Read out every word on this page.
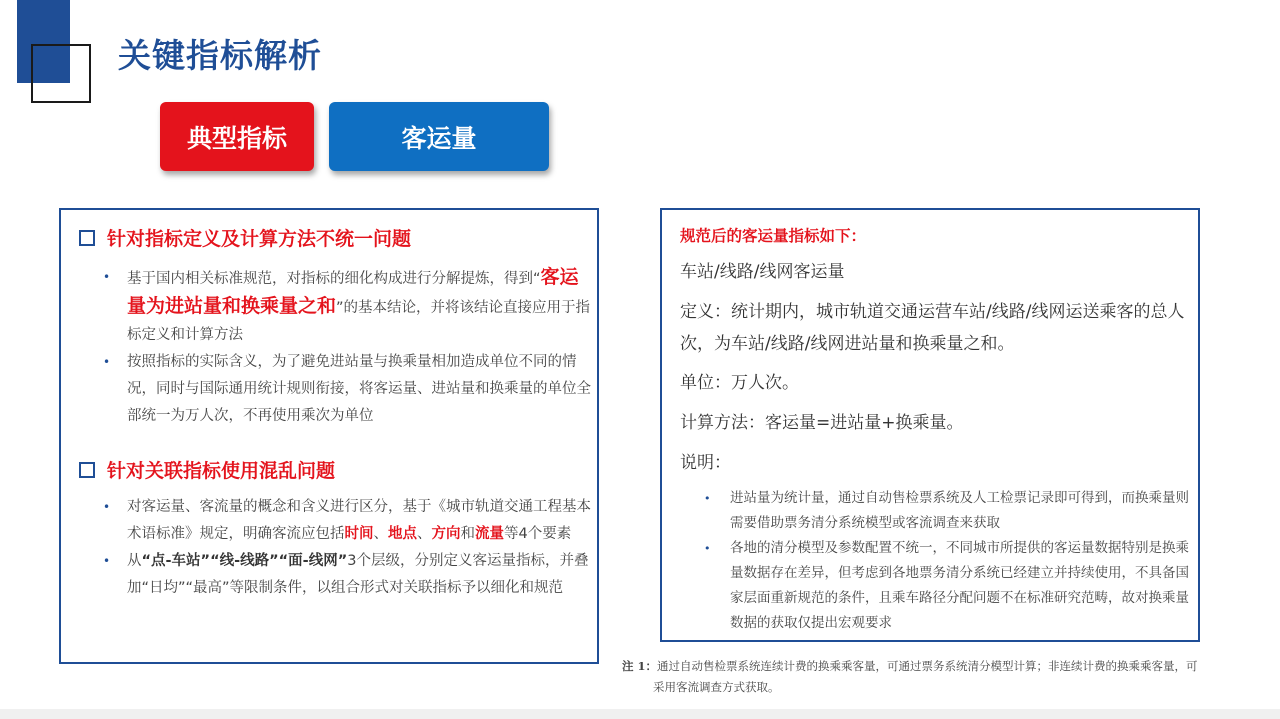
关键指标解析
典型指标	客运量
针对指标定义及计算方法不统一问题
• 基于国内相关标准规范，对指标的细化构成进行分解提炼，得到“客运量为进站量和换乘量之和”的基本结论，并将该结论直接应用于指标定义和计算方法
• 按照指标的实际含义，为了避免进站量与换乘量相加造成单位不同的情况，同时与国际通用统计规则衔接，将客运量、进站量和换乘量的单位全部统一为万人次，不再使用乘次为单位
针对关联指标使用混乱问题
• 对客运量、客流量的概念和含义进行区分，基于《城市轨道交通工程基本术语标准》规定，明确客流应包括时间、地点、方向和流量等4个要素
• 从“点-车站”“线-线路”“面-线网”3个层级，分别定义客运量指标，并叠加“日均”“最高”等限制条件，以组合形式对关联指标予以细化和规范
规范后的客运量指标如下：
车站/线路/线网客运量
定义：统计期内，城市轨道交通运营车站/线路/线网运送乘客的总人次，为车站/线路/线网进站量和换乘量之和。
单位：万人次。
计算方法：客运量=进站量+换乘量。
说明：
• 进站量为统计量，通过自动售检票系统及人工检票记录即可得到，而换乘量则需要借助票务清分系统模型或客流调查来获取
• 各地的清分模型及参数配置不统一，不同城市所提供的客运量数据特别是换乘量数据存在差异，但考虑到各地票务清分系统已经建立并持续使用，不具备国家层面重新规范的条件，且乘车路径分配问题不在标准研究范畴，故对换乘量数据的获取仅提出宏观要求
注 1：通过自动售检票系统连续计费的换乘乘客量，可通过票务系统清分模型计算；非连续计费的换乘乘客量，可
采用客流调查方式获取。
